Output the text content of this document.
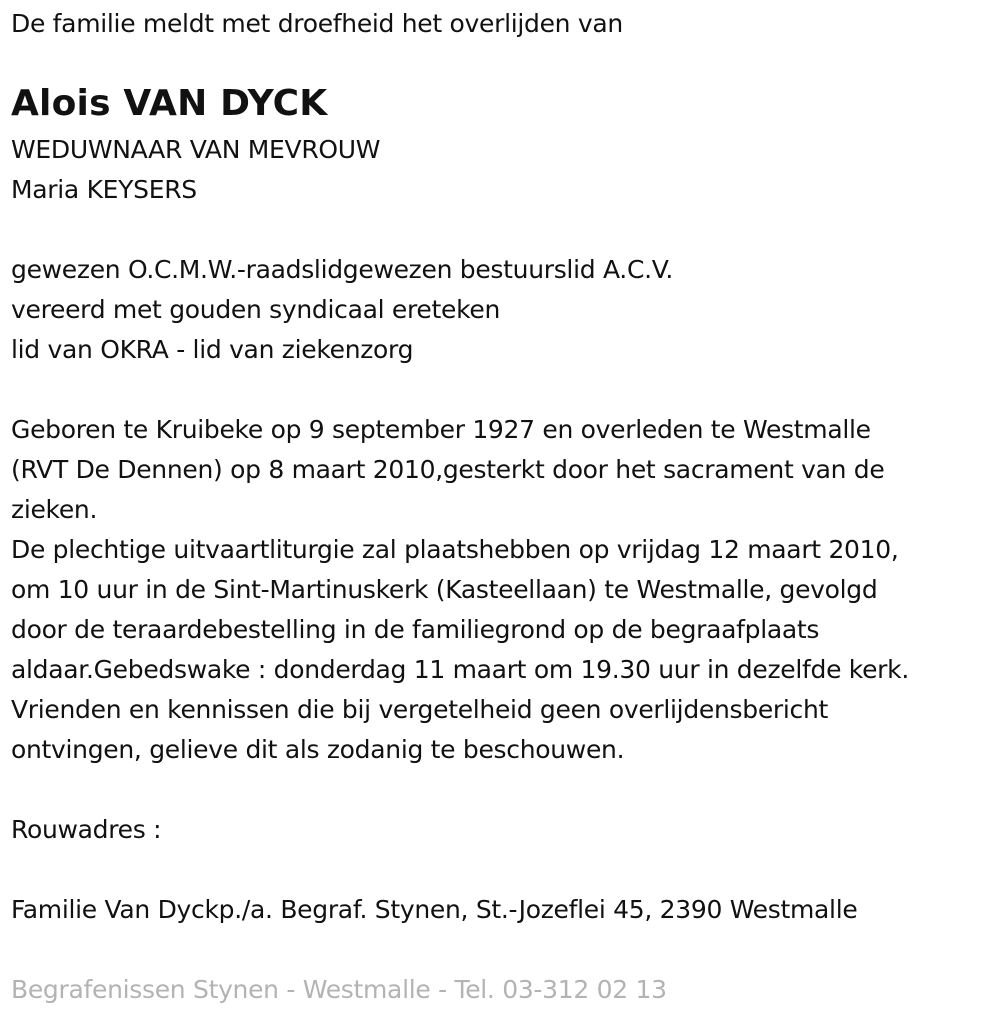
De familie meldt met droefheid het overlijden van
Alois VAN DYCK
WEDUWNAAR VAN MEVROUW
Maria KEYSERS
gewezen O.C.M.W.-raadslidgewezen bestuurslid A.C.V.
vereerd met gouden syndicaal ereteken
lid van OKRA - lid van ziekenzorg
Geboren te Kruibeke op 9 september 1927 en overleden te Westmalle
(RVT De Dennen) op 8 maart 2010,gesterkt door het sacrament van de
zieken.
De plechtige uitvaartliturgie zal plaatshebben op vrijdag 12 maart 2010,
om 10 uur in de Sint-Martinuskerk (Kasteellaan) te Westmalle, gevolgd
door de teraardebestelling in de familiegrond op de begraafplaats
aldaar.Gebedswake : donderdag 11 maart om 19.30 uur in dezelfde kerk.
Vrienden en kennissen die bij vergetelheid geen overlijdensbericht
ontvingen, gelieve dit als zodanig te beschouwen.
Rouwadres :
Familie Van Dyckp./a. Begraf. Stynen, St.-Jozeflei 45, 2390 Westmalle
Begrafenissen Stynen - Westmalle - Tel. 03-312 02 13
